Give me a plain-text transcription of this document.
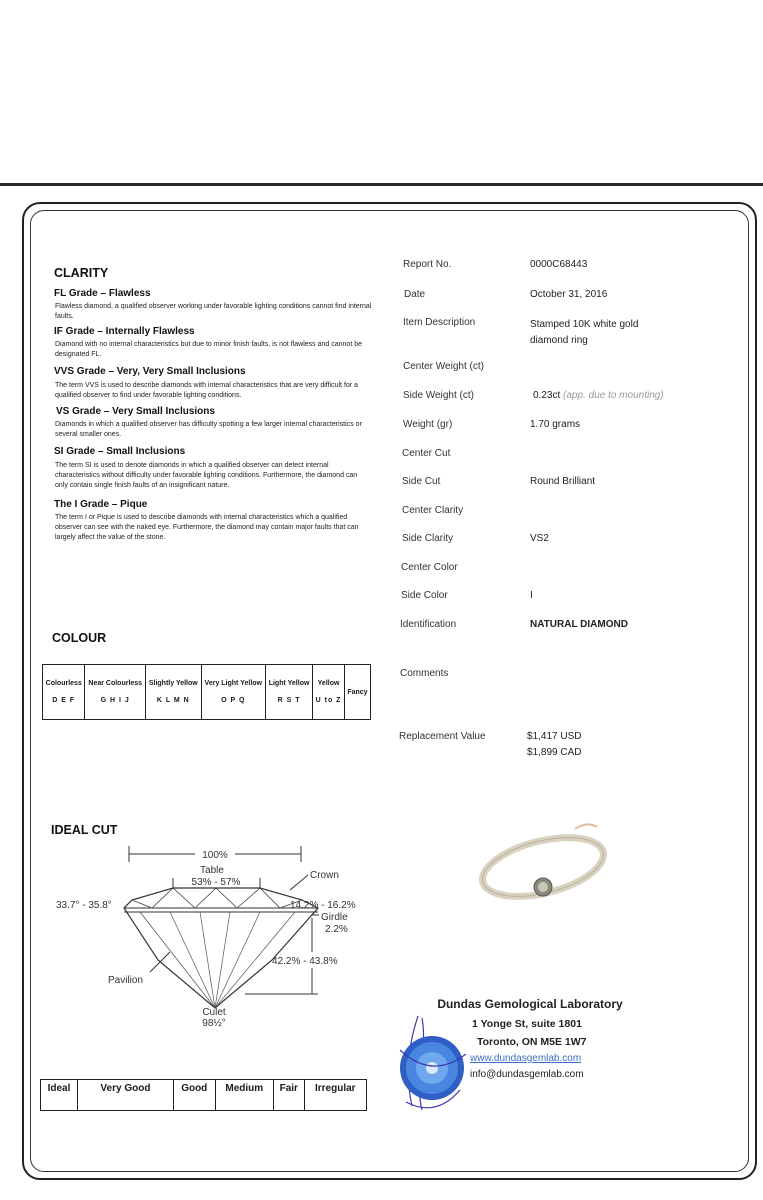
CLARITY
FL Grade – Flawless
Flawless diamond, a qualified observer working under favorable lighting conditions cannot find internal faults.
IF Grade – Internally Flawless
Diamond with no internal characteristics but due to minor finish faults, is not flawless and cannot be designated FL.
VVS Grade – Very, Very Small Inclusions
The term VVS is used to describe diamonds with internal characteristics that are very difficult for a qualified observer to find under favorable lighting conditions.
VS Grade – Very Small Inclusions
Diamonds in which a qualified observer has difficulty spotting a few larger internal characteristics or several smaller ones.
SI Grade – Small Inclusions
The term SI is used to denote diamonds in which a qualified observer can detect internal characteristics without difficulty under favorable lighting conditions. Furthermore, the diamond can only contain single finish faults of an insignificant nature.
The I Grade – Pique
The term I or Pique is used to describe diamonds with internal characteristics which a qualified observer can see with the naked eye. Furthermore, the diamond may contain major faults that can largely affect the value of the stone.
COLOUR
Colourless
D E F
	Near Colourless
G H I J
	Slightly Yellow
K L M N
	Very Light Yellow
O P Q
	Light Yellow
R S T
	Yellow
U to Z
	Fancy
IDEAL CUT
100%
Table
53% - 57%
Crown
33.7° - 35.8°	14.2% - 16.2%
Girdle
2.2%
42.2% - 43.8%
Pavilion
Culet
98½°
Ideal	Very Good	Good	Medium	Fair	Irregular
Report No.	0000C68443
Date	October 31, 2016
Item Description	Stamped 10K white gold diamond ring
Center Weight (ct)
Side Weight (ct)	0.23ct (app. due to mounting)
Weight (gr)	1.70 grams
Center Cut
Side Cut	Round Brilliant
Center Clarity
Side Clarity	VS2
Center Color
Side Color	I
Identification	NATURAL DIAMOND
Comments
Replacement Value	$1,417 USD
$1,899 CAD
Dundas Gemological Laboratory
1 Yonge St, suite 1801
Toronto, ON M5E 1W7
www.dundasgemlab.com
info@dundasgemlab.com
